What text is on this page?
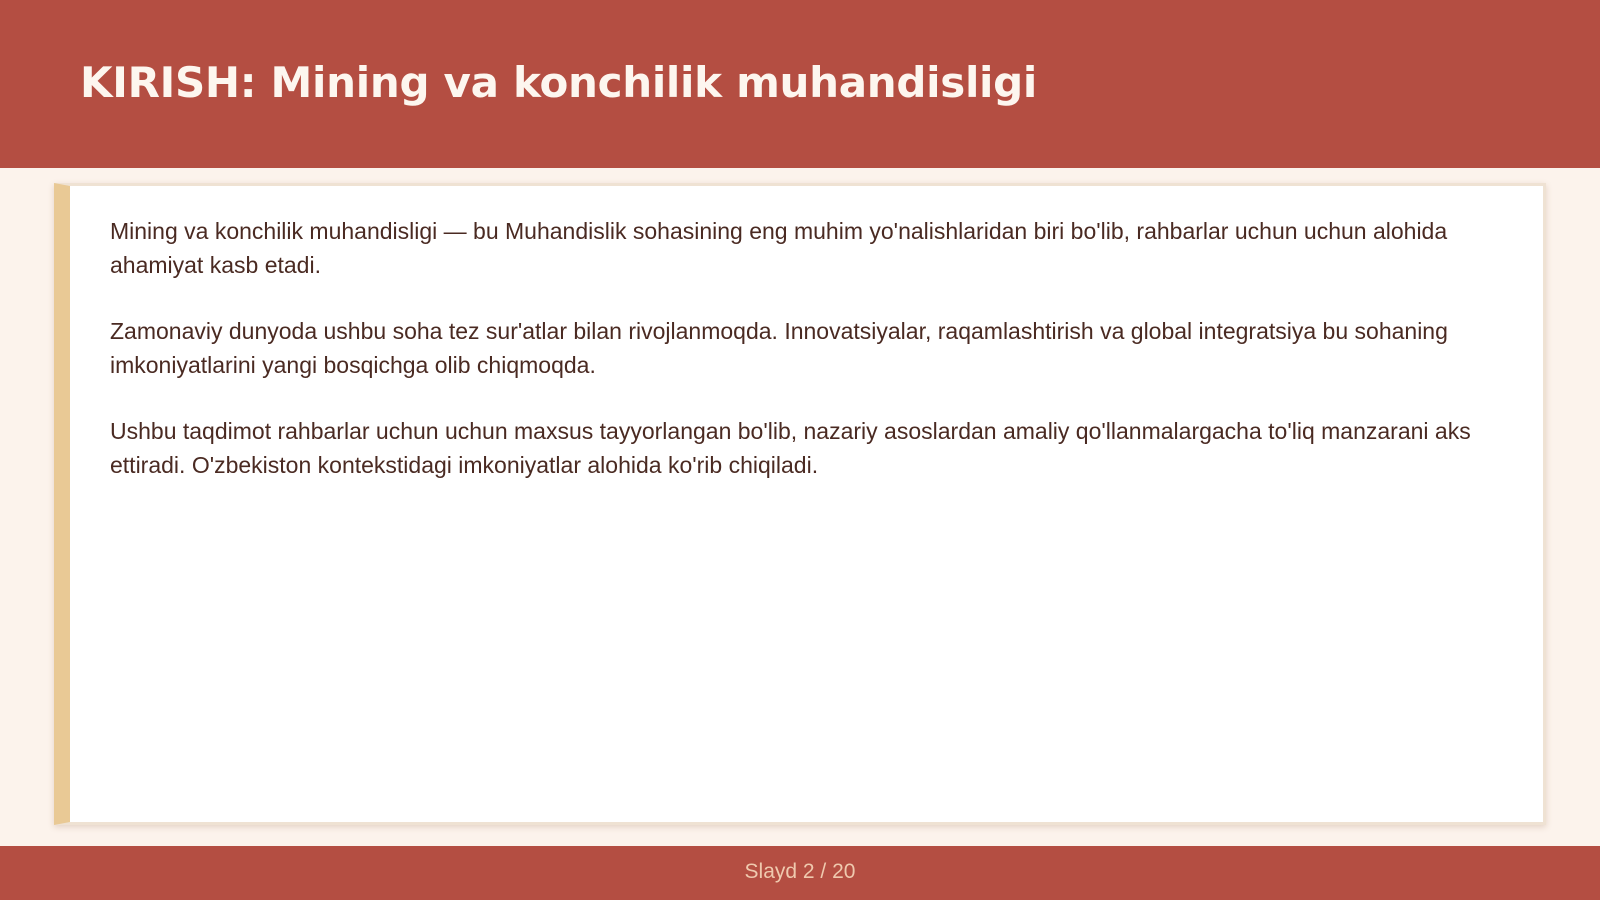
KIRISH: Mining va konchilik muhandisligi

Mining va konchilik muhandisligi — bu Muhandislik sohasining eng muhim yo'nalishlaridan biri bo'lib, rahbarlar uchun uchun alohida ahamiyat kasb etadi.

Zamonaviy dunyoda ushbu soha tez sur'atlar bilan rivojlanmoqda. Innovatsiyalar, raqamlashtirish va global integratsiya bu sohaning imkoniyatlarini yangi bosqichga olib chiqmoqda.

Ushbu taqdimot rahbarlar uchun uchun maxsus tayyorlangan bo'lib, nazariy asoslardan amaliy qo'llanmalargacha to'liq manzarani aks ettiradi. O'zbekiston kontekstidagi imkoniyatlar alohida ko'rib chiqiladi.

Slayd 2 / 20
